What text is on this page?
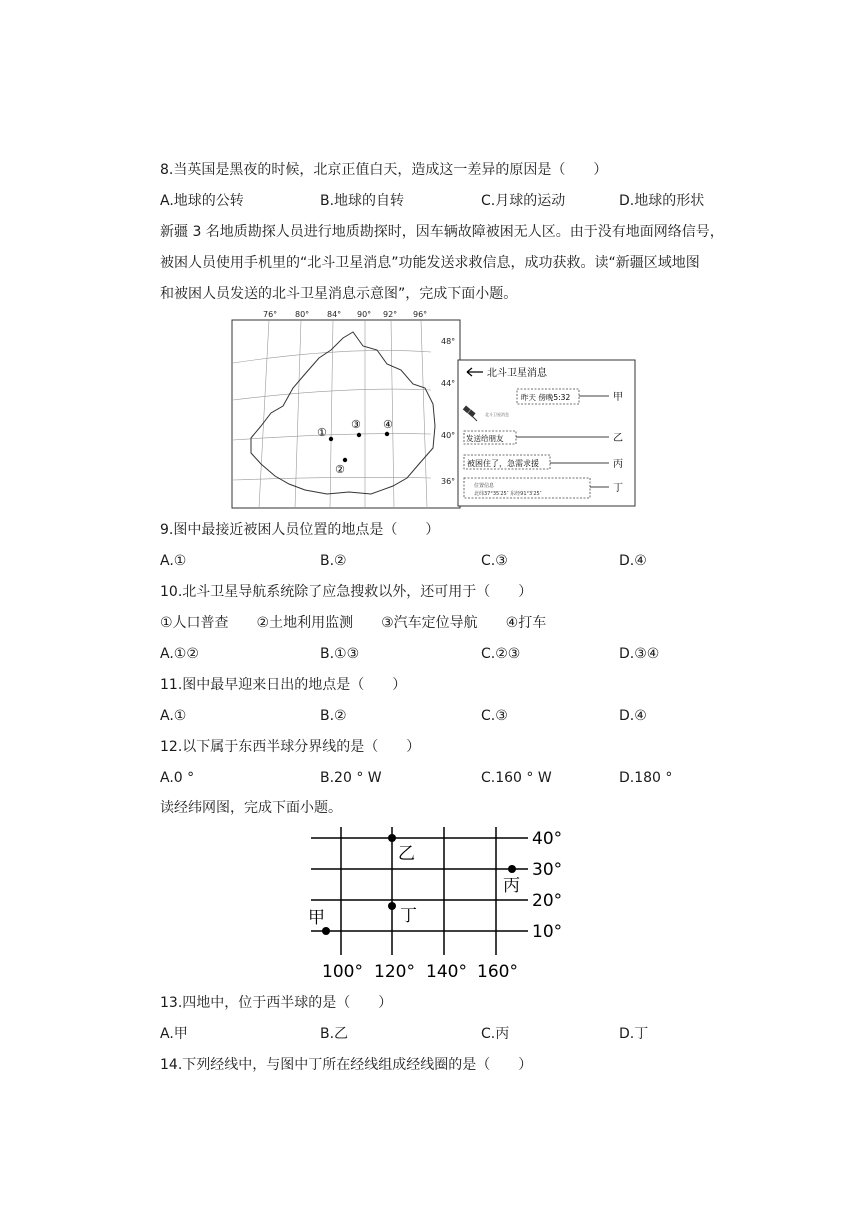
8.当英国是黑夜的时候，北京正值白天，造成这一差异的原因是（　　）
A.地球的公转	B.地球的自转	C.月球的运动	D.地球的形状
新疆 3 名地质勘探人员进行地质勘探时，因车辆故障被困无人区。由于没有地面网络信号，
被困人员使用手机里的“北斗卫星消息”功能发送求救信息，成功获救。读“新疆区域地图
和被困人员发送的北斗卫星消息示意图”，完成下面小题。
76° 80° 84° 90° 92° 96°
48°
44°
40°
36°
①
②
③ ④
北斗卫星消息
昨天 傍晚5:32	甲
北斗卫星消息
发送给朋友	乙
被困住了，急需求援	丙
位置信息
北纬37°35′25″ 东经91°3′25″	丁
9.图中最接近被困人员位置的地点是（　　）
A.①	B.②	C.③	D.④
10.北斗卫星导航系统除了应急搜救以外，还可用于（　　）
①人口普查　　②土地利用监测　　③汽车定位导航　　④打车
A.①②	B.①③	C.②③	D.③④
11.图中最早迎来日出的地点是（　　）
A.①	B.②	C.③	D.④
12.以下属于东西半球分界线的是（　　）
A.0 °	B.20 ° W	C.160 ° W	D.180 °
读经纬网图，完成下面小题。
40°
30°
20°
10°
100° 120° 140° 160°
甲
乙
丙
丁
13.四地中，位于西半球的是（　　）
A.甲	B.乙	C.丙	D.丁
14.下列经线中，与图中丁所在经线组成经线圈的是（　　）
